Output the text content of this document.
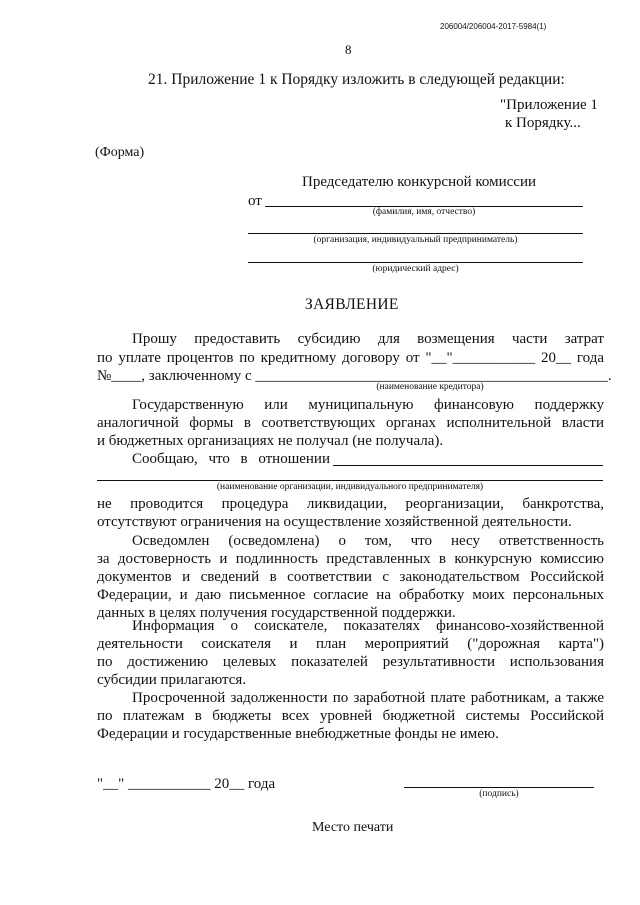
206004/206004-2017-5984(1)
8
21. Приложение 1 к Порядку изложить в следующей редакции:
"Приложение 1
к Порядку...
(Форма)
Председателю конкурсной комиссии
от
(фамилия, имя, отчество)
(организация, индивидуальный предприниматель)
(юридический адрес)
ЗАЯВЛЕНИЕ
Прошу предоставить субсидию для возмещения части затрат
по уплате процентов по кредитному договору от "__"___________ 20__ года
№____, заключенному с _______________________________________________.
(наименование кредитора)
Государственную или муниципальную финансовую поддержку
аналогичной формы в соответствующих органах исполнительной власти
и бюджетных организациях не получал (не получала).
Сообщаю, что в отношении
(наименование организации, индивидуального предпринимателя)
не проводится процедура ликвидации, реорганизации, банкротства,
отсутствуют ограничения на осуществление хозяйственной деятельности.
Осведомлен (осведомлена) о том, что несу ответственность
за достоверность и подлинность представленных в конкурсную комиссию
документов и сведений в соответствии с законодательством Российской
Федерации, и даю письменное согласие на обработку моих персональных
данных в целях получения государственной поддержки.
Информация о соискателе, показателях финансово-хозяйственной
деятельности соискателя и план мероприятий ("дорожная карта")
по достижению целевых показателей результативности использования
субсидии прилагаются.
Просроченной задолженности по заработной плате работникам, а также
по платежам в бюджеты всех уровней бюджетной системы Российской
Федерации и государственные внебюджетные фонды не имею.
"__" ___________ 20__ года
(подпись)
Место печати
